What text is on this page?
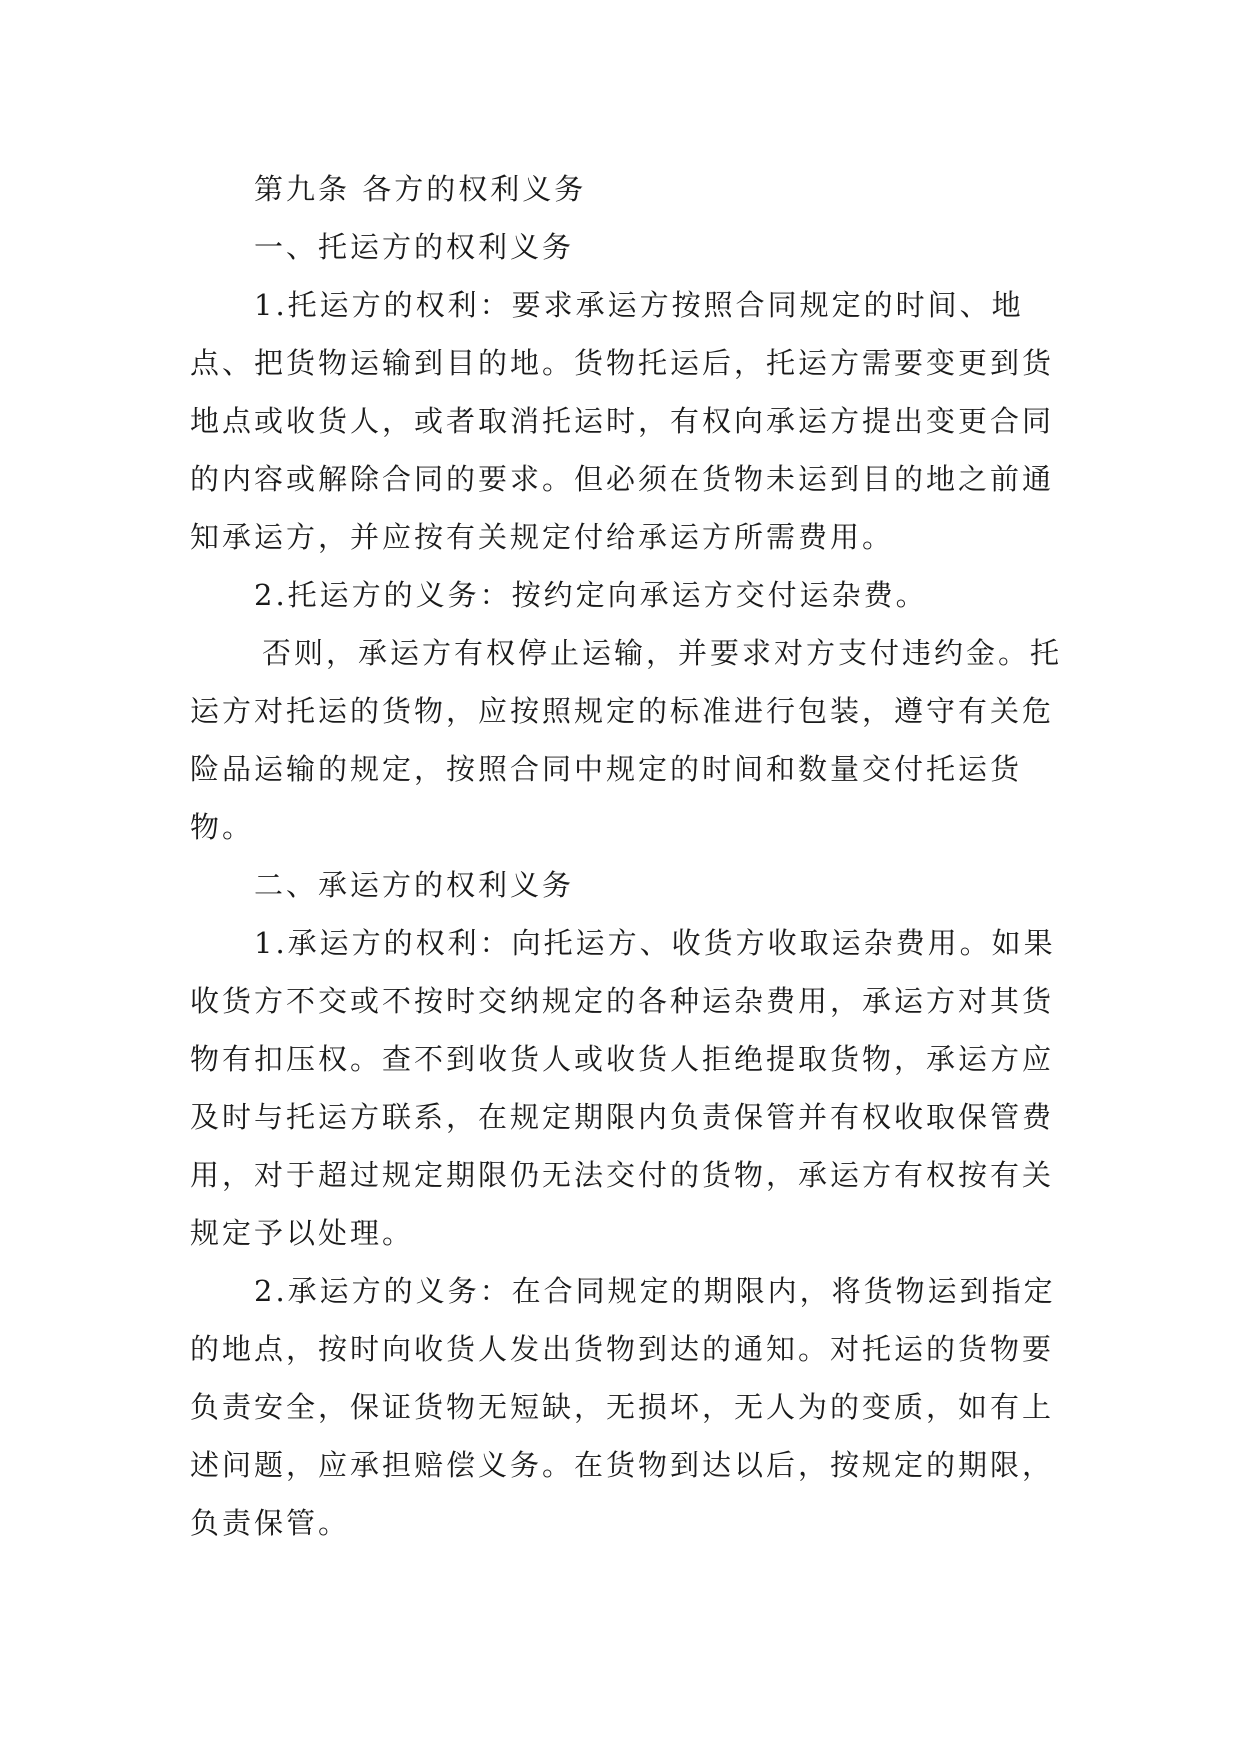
第九条 各方的权利义务

一、托运方的权利义务

1.托运方的权利：要求承运方按照合同规定的时间、地点、把货物运输到目的地。货物托运后，托运方需要变更到货地点或收货人，或者取消托运时，有权向承运方提出变更合同的内容或解除合同的要求。但必须在货物未运到目的地之前通知承运方，并应按有关规定付给承运方所需费用。

2.托运方的义务：按约定向承运方交付运杂费。

否则，承运方有权停止运输，并要求对方支付违约金。托运方对托运的货物，应按照规定的标准进行包装，遵守有关危险品运输的规定，按照合同中规定的时间和数量交付托运货物。

二、承运方的权利义务

1.承运方的权利：向托运方、收货方收取运杂费用。如果收货方不交或不按时交纳规定的各种运杂费用，承运方对其货物有扣压权。查不到收货人或收货人拒绝提取货物，承运方应及时与托运方联系，在规定期限内负责保管并有权收取保管费用，对于超过规定期限仍无法交付的货物，承运方有权按有关规定予以处理。

2.承运方的义务：在合同规定的期限内，将货物运到指定的地点，按时向收货人发出货物到达的通知。对托运的货物要负责安全，保证货物无短缺，无损坏，无人为的变质，如有上述问题，应承担赔偿义务。在货物到达以后，按规定的期限，负责保管。
